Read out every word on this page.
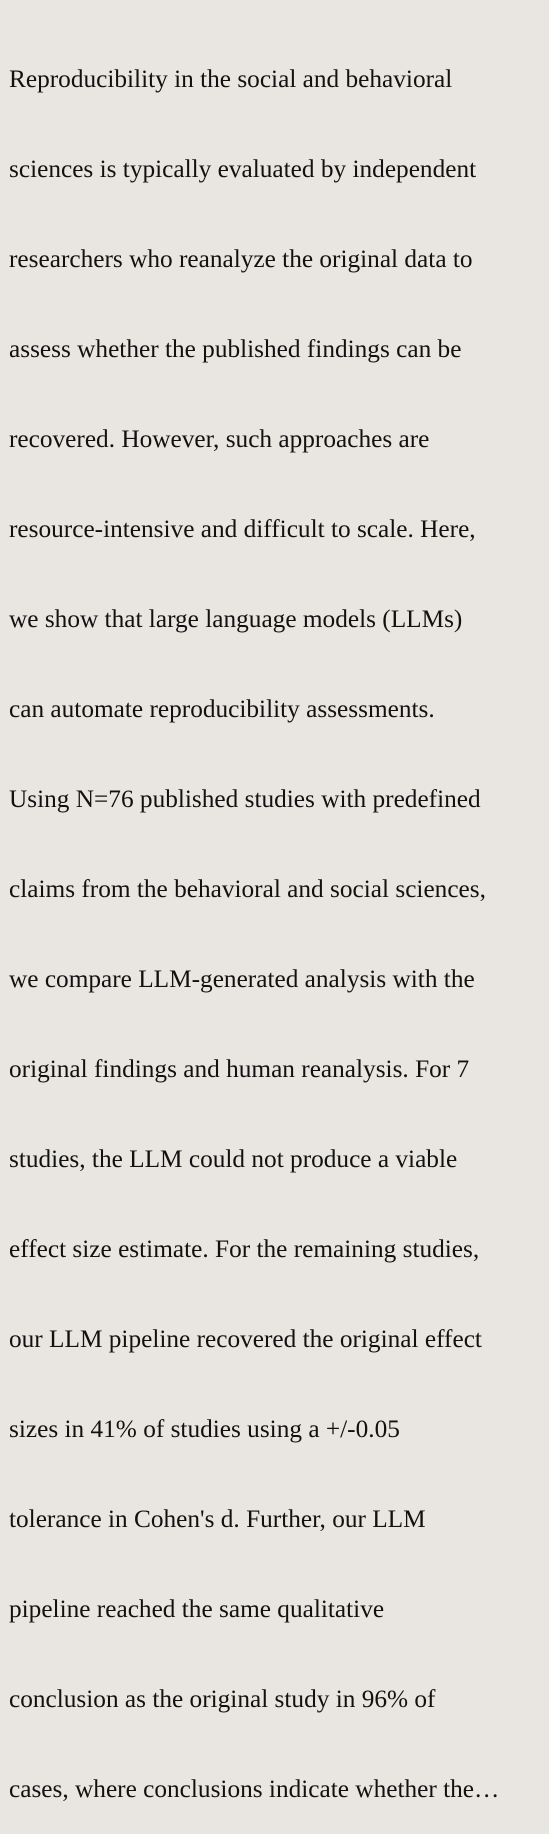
Reproducibility in the social and behavioral

sciences is typically evaluated by independent

researchers who reanalyze the original data to

assess whether the published findings can be

recovered. However, such approaches are

resource-intensive and difficult to scale. Here,

we show that large language models (LLMs)

can automate reproducibility assessments.

Using N=76 published studies with predefined

claims from the behavioral and social sciences,

we compare LLM-generated analysis with the

original findings and human reanalysis. For 7

studies, the LLM could not produce a viable

effect size estimate. For the remaining studies,

our LLM pipeline recovered the original effect

sizes in 41% of studies using a +/-0.05

tolerance in Cohen's d. Further, our LLM

pipeline reached the same qualitative

conclusion as the original study in 96% of

cases, where conclusions indicate whether the…
